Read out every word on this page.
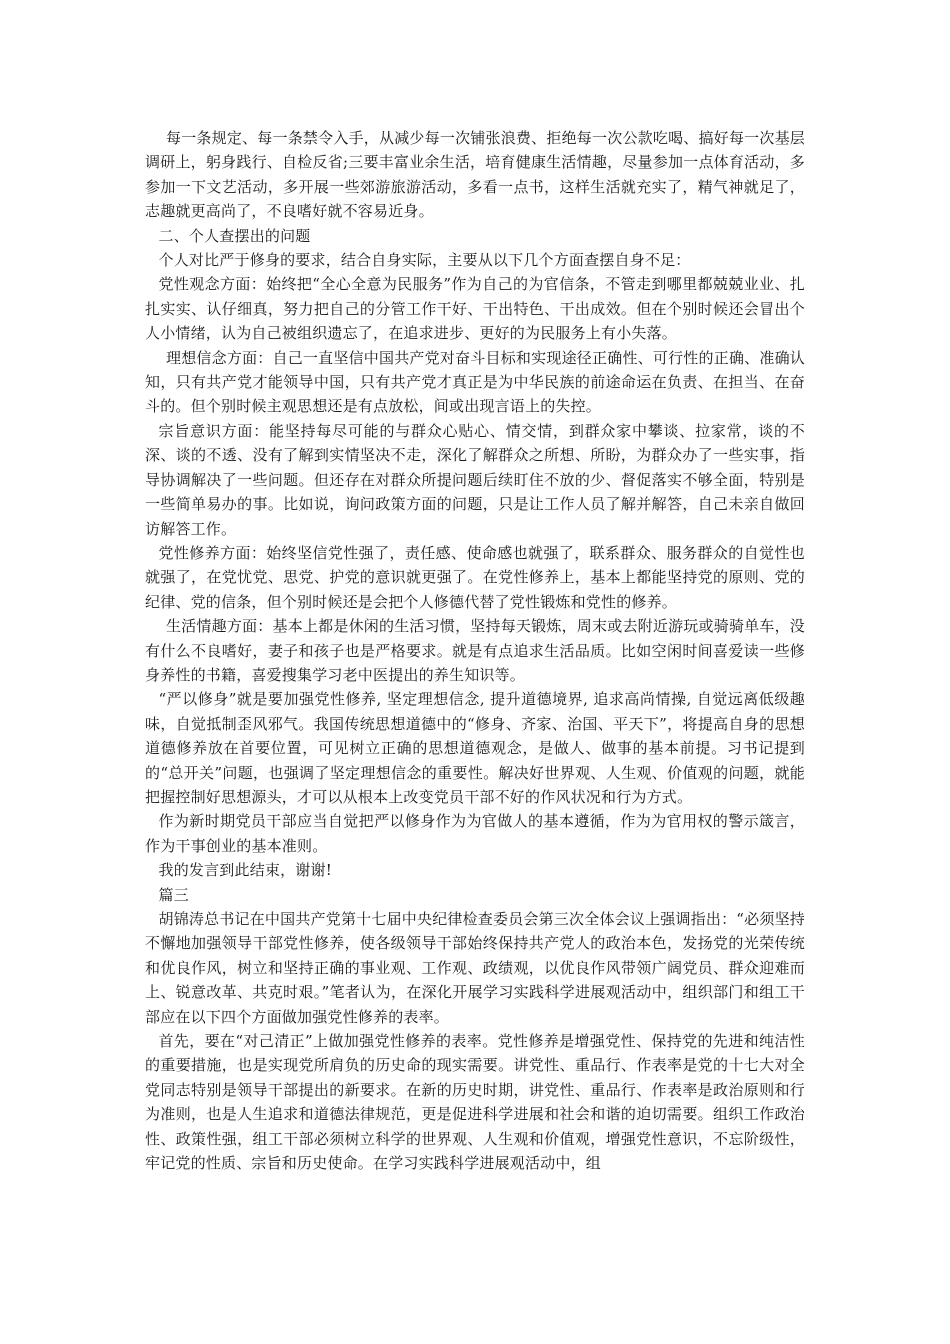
每一条规定、每一条禁令入手，从减少每一次铺张浪费、拒绝每一次公款吃喝、搞好每一次基层调研上，躬身践行、自检反省;三要丰富业余生活，培育健康生活情趣，尽量参加一点体育活动，多参加一下文艺活动，多开展一些郊游旅游活动，多看一点书，这样生活就充实了，精气神就足了，志趣就更高尚了，不良嗜好就不容易近身。

二、个人查摆出的问题

个人对比严于修身的要求，结合自身实际，主要从以下几个方面查摆自身不足：

党性观念方面：始终把“全心全意为民服务”作为自己的为官信条，不管走到哪里都兢兢业业、扎扎实实、认仔细真，努力把自己的分管工作干好、干出特色、干出成效。但在个别时候还会冒出个人小情绪，认为自己被组织遗忘了，在追求进步、更好的为民服务上有小失落。

理想信念方面：自己一直坚信中国共产党对奋斗目标和实现途径正确性、可行性的正确、准确认知，只有共产党才能领导中国，只有共产党才真正是为中华民族的前途命运在负责、在担当、在奋斗的。但个别时候主观思想还是有点放松，间或出现言语上的失控。

宗旨意识方面：能坚持每尽可能的与群众心贴心、情交情，到群众家中攀谈、拉家常，谈的不深、谈的不透、没有了解到实情坚决不走，深化了解群众之所想、所盼，为群众办了一些实事，指导协调解决了一些问题。但还存在对群众所提问题后续盯住不放的少、督促落实不够全面，特别是一些简单易办的事。比如说，询问政策方面的问题，只是让工作人员了解并解答，自己未亲自做回访解答工作。

党性修养方面：始终坚信党性强了，责任感、使命感也就强了，联系群众、服务群众的自觉性也就强了，在党忧党、思党、护党的意识就更强了。在党性修养上，基本上都能坚持党的原则、党的纪律、党的信条，但个别时候还是会把个人修德代替了党性锻炼和党性的修养。

生活情趣方面：基本上都是休闲的生活习惯，坚持每天锻炼，周末或去附近游玩或骑骑单车，没有什么不良嗜好，妻子和孩子也是严格要求。就是有点追求生活品质。比如空闲时间喜爱读一些修身养性的书籍，喜爱搜集学习老中医提出的养生知识等。

“严以修身”就是要加强党性修养, 坚定理想信念, 提升道德境界, 追求高尚情操, 自觉远离低级趣味，自觉抵制歪风邪气。我国传统思想道德中的“修身、齐家、治国、平天下”，将提高自身的思想道德修养放在首要位置，可见树立正确的思想道德观念，是做人、做事的基本前提。习书记提到的“总开关”问题，也强调了坚定理想信念的重要性。解决好世界观、人生观、价值观的问题，就能把握控制好思想源头，才可以从根本上改变党员干部不好的作风状况和行为方式。

作为新时期党员干部应当自觉把严以修身作为为官做人的基本遵循，作为为官用权的警示箴言，作为干事创业的基本准则。

我的发言到此结束，谢谢!

篇三

胡锦涛总书记在中国共产党第十七届中央纪律检查委员会第三次全体会议上强调指出：“必须坚持不懈地加强领导干部党性修养，使各级领导干部始终保持共产党人的政治本色，发扬党的光荣传统和优良作风，树立和坚持正确的事业观、工作观、政绩观，以优良作风带领广阔党员、群众迎难而上、锐意改革、共克时艰。”笔者认为，在深化开展学习实践科学进展观活动中，组织部门和组工干部应在以下四个方面做加强党性修养的表率。

首先，要在“对己清正”上做加强党性修养的表率。党性修养是增强党性、保持党的先进和纯洁性的重要措施，也是实现党所肩负的历史命的现实需要。讲党性、重品行、作表率是党的十七大对全党同志特别是领导干部提出的新要求。在新的历史时期，讲党性、重品行、作表率是政治原则和行为准则，也是人生追求和道德法律规范，更是促进科学进展和社会和谐的迫切需要。组织工作政治性、政策性强，组工干部必须树立科学的世界观、人生观和价值观，增强党性意识，不忘阶级性，牢记党的性质、宗旨和历史使命。在学习实践科学进展观活动中，组
